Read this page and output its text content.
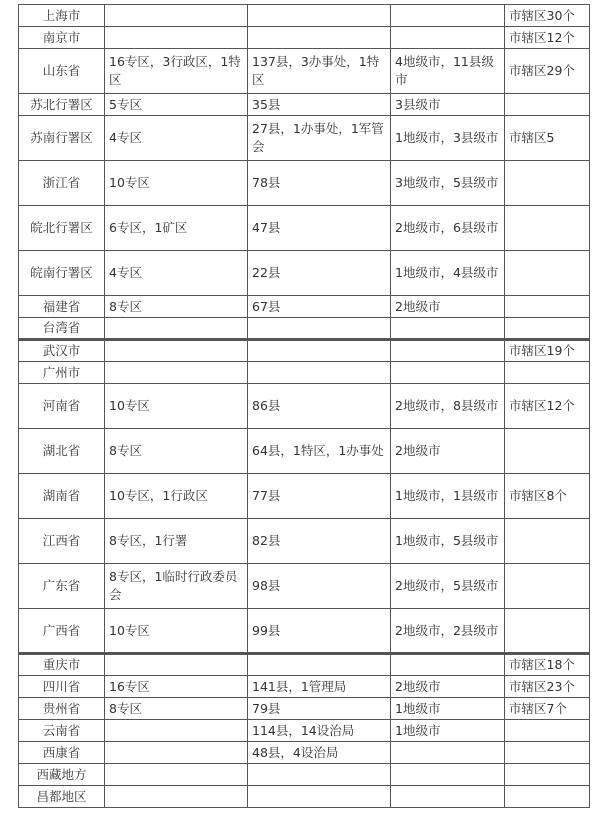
上海市				市辖区30个
南京市				市辖区12个
山东省	16专区，3行政区，1特区	137县，3办事处，1特区	4地级市，11县级市	市辖区29个
苏北行署区	5专区	35县	3县级市	
苏南行署区	4专区	27县，1办事处，1军管会	1地级市，3县级市	市辖区5
浙江省	10专区	78县	3地级市，5县级市	
皖北行署区	6专区，1矿区	47县	2地级市，6县级市	
皖南行署区	4专区	22县	1地级市，4县级市	
福建省	8专区	67县	2地级市	
台湾省				
武汉市				市辖区19个
广州市				
河南省	10专区	86县	2地级市，8县级市	市辖区12个
湖北省	8专区	64县，1特区，1办事处	2地级市	
湖南省	10专区，1行政区	77县	1地级市，1县级市	市辖区8个
江西省	8专区，1行署	82县	1地级市，5县级市	
广东省	8专区，1临时行政委员会	98县	2地级市，5县级市	
广西省	10专区	99县	2地级市，2县级市	
重庆市				市辖区18个
四川省	16专区	141县，1管理局	2地级市	市辖区23个
贵州省	8专区	79县	1地级市	市辖区7个
云南省		114县，14设治局	1地级市	
西康省		48县，4设治局		
西藏地方				
昌都地区				
